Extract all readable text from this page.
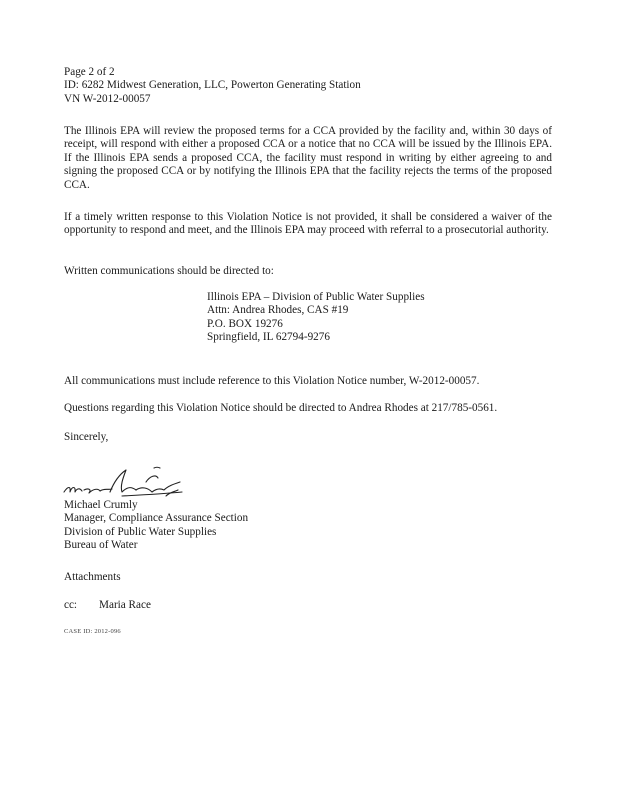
Page 2 of 2
ID: 6282 Midwest Generation, LLC, Powerton Generating Station
VN W-2012-00057

The Illinois EPA will review the proposed terms for a CCA provided by the facility and, within 30 days of receipt, will respond with either a proposed CCA or a notice that no CCA will be issued by the Illinois EPA. If the Illinois EPA sends a proposed CCA, the facility must respond in writing by either agreeing to and signing the proposed CCA or by notifying the Illinois EPA that the facility rejects the terms of the proposed CCA.

If a timely written response to this Violation Notice is not provided, it shall be considered a waiver of the opportunity to respond and meet, and the Illinois EPA may proceed with referral to a prosecutorial authority.

Written communications should be directed to:

Illinois EPA – Division of Public Water Supplies
Attn: Andrea Rhodes, CAS #19
P.O. BOX 19276
Springfield, IL 62794-9276

All communications must include reference to this Violation Notice number, W-2012-00057.

Questions regarding this Violation Notice should be directed to Andrea Rhodes at 217/785-0561.

Sincerely,
Michael Crumly
Manager, Compliance Assurance Section
Division of Public Water Supplies
Bureau of Water
Attachments
cc: Maria Race
CASE ID: 2012-096
